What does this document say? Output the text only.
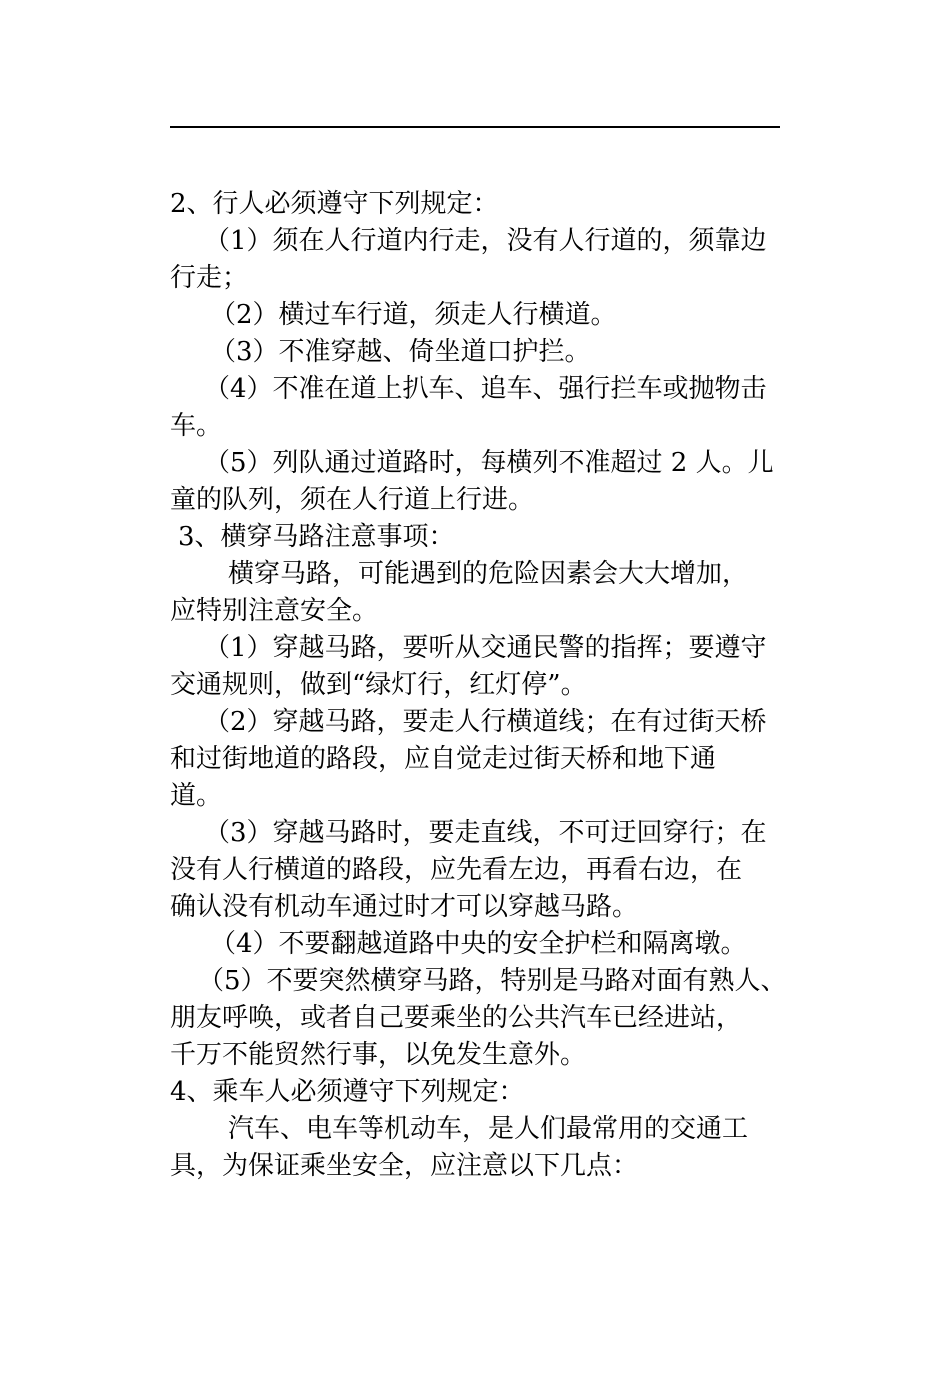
2、行人必须遵守下列规定：
（1）须在人行道内行走，没有人行道的，须靠边
行走；
（2）横过车行道，须走人行横道。
（3）不准穿越、倚坐道口护拦。
（4）不准在道上扒车、追车、强行拦车或抛物击
车。
（5）列队通过道路时，每横列不准超过 2 人。儿
童的队列，须在人行道上行进。
3、横穿马路注意事项：
横穿马路，可能遇到的危险因素会大大增加，
应特别注意安全。
（1）穿越马路，要听从交通民警的指挥；要遵守
交通规则，做到“绿灯行，红灯停”。
（2）穿越马路，要走人行横道线；在有过街天桥
和过街地道的路段，应自觉走过街天桥和地下通
道。
（3）穿越马路时，要走直线，不可迂回穿行；在
没有人行横道的路段，应先看左边，再看右边，在
确认没有机动车通过时才可以穿越马路。
（4）不要翻越道路中央的安全护栏和隔离墩。
（5）不要突然横穿马路，特别是马路对面有熟人、
朋友呼唤，或者自己要乘坐的公共汽车已经进站，
千万不能贸然行事，以免发生意外。
4、乘车人必须遵守下列规定：
汽车、电车等机动车，是人们最常用的交通工
具，为保证乘坐安全，应注意以下几点：
